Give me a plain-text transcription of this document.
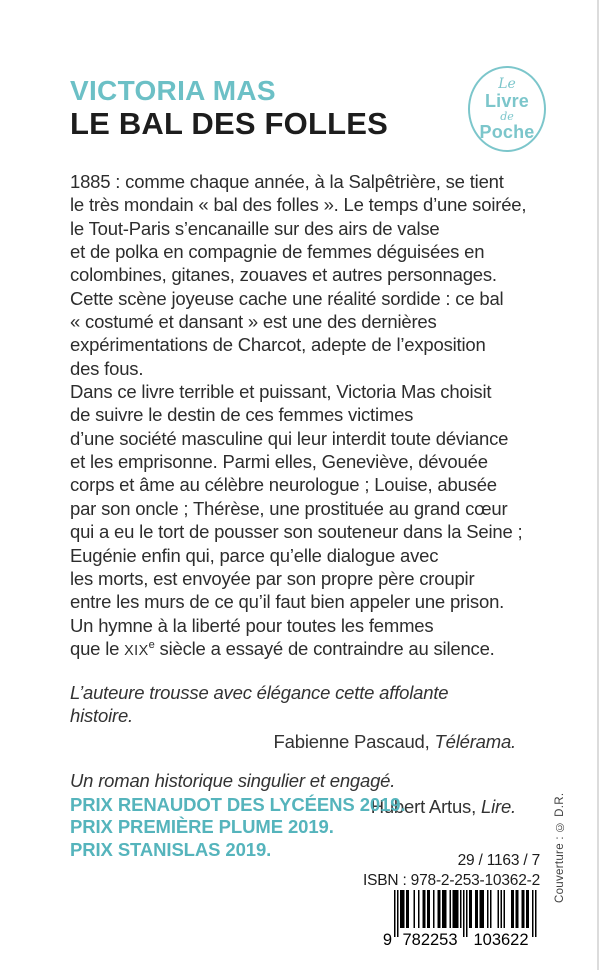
VICTORIA MAS
LE BAL DES FOLLES
Le
Livre
de
Poche
1885 : comme chaque année, à la Salpêtrière, se tient
le très mondain « bal des folles ». Le temps d’une soirée,
le Tout-Paris s’encanaille sur des airs de valse
et de polka en compagnie de femmes déguisées en
colombines, gitanes, zouaves et autres personnages.
Cette scène joyeuse cache une réalité sordide : ce bal
« costumé et dansant » est une des dernières
expérimentations de Charcot, adepte de l’exposition
des fous.
Dans ce livre terrible et puissant, Victoria Mas choisit
de suivre le destin de ces femmes victimes
d’une société masculine qui leur interdit toute déviance
et les emprisonne. Parmi elles, Geneviève, dévouée
corps et âme au célèbre neurologue ; Louise, abusée
par son oncle ; Thérèse, une prostituée au grand cœur
qui a eu le tort de pousser son souteneur dans la Seine ;
Eugénie enfin qui, parce qu’elle dialogue avec
les morts, est envoyée par son propre père croupir
entre les murs de ce qu’il faut bien appeler une prison.
Un hymne à la liberté pour toutes les femmes
que le XIXe siècle a essayé de contraindre au silence.
L’auteure trousse avec élégance cette affolante histoire.
Fabienne Pascaud, Télérama.
Un roman historique singulier et engagé.
Hubert Artus, Lire.
PRIX RENAUDOT DES LYCÉENS 2019.
PRIX PREMIÈRE PLUME 2019.
PRIX STANISLAS 2019.	Couverture : © D.R.
29 / 1163 / 7
ISBN : 978-2-253-10362-2
9 782253 103622
